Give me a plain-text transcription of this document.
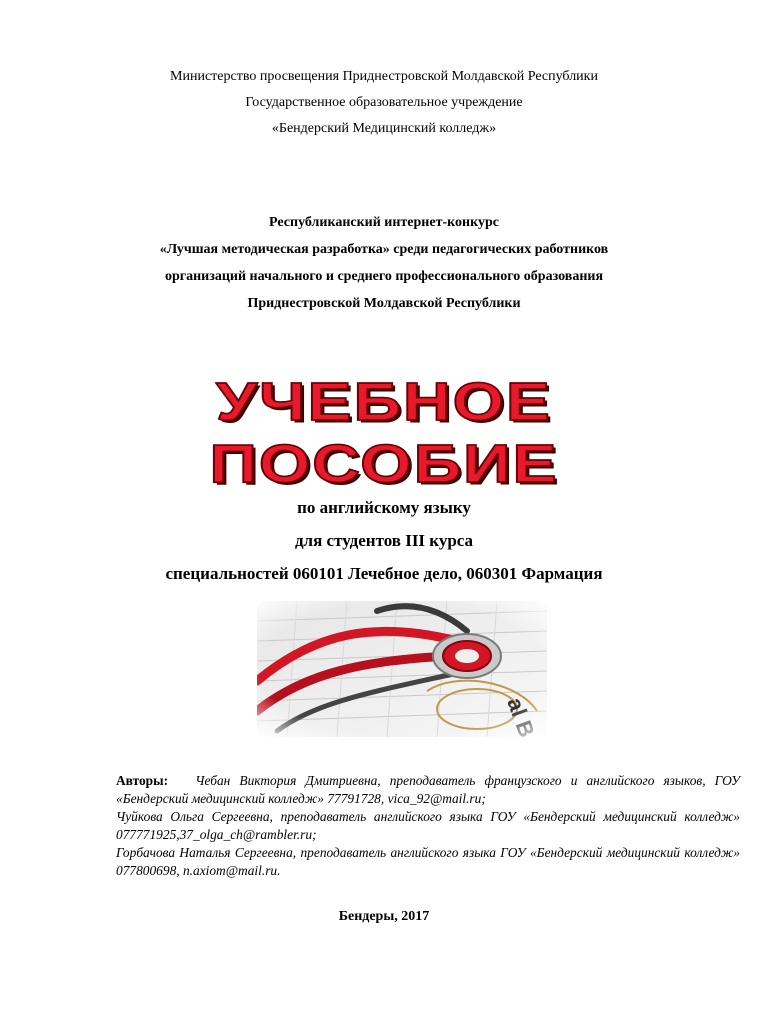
Министерство просвещения Приднестровской Молдавской Республики
Государственное образовательное учреждение
«Бендерский Медицинский колледж»
Республиканский интернет-конкурс
«Лучшая методическая разработка» среди педагогических работников
организаций начального и среднего профессионального образования
Приднестровской Молдавской Республики
УЧЕБНОЕ
ПОСОБИЕ
по английскому языку
для студентов III курса
специальностей 060101 Лечебное дело, 060301 Фармация
Авторы: Чебан Виктория Дмитриевна, преподаватель французского и английского языков, ГОУ «Бендерский медицинский колледж» 77791728, vica_92@mail.ru;
Чуйкова Ольга Сергеевна, преподаватель английского языка ГОУ «Бендерский медицинский колледж» 077771925,37_olga_ch@rambler.ru;
Горбачова Наталья Сергеевна, преподаватель английского языка ГОУ «Бендерский медицинский колледж» 077800698, n.axiom@mail.ru.
Бендеры, 2017
